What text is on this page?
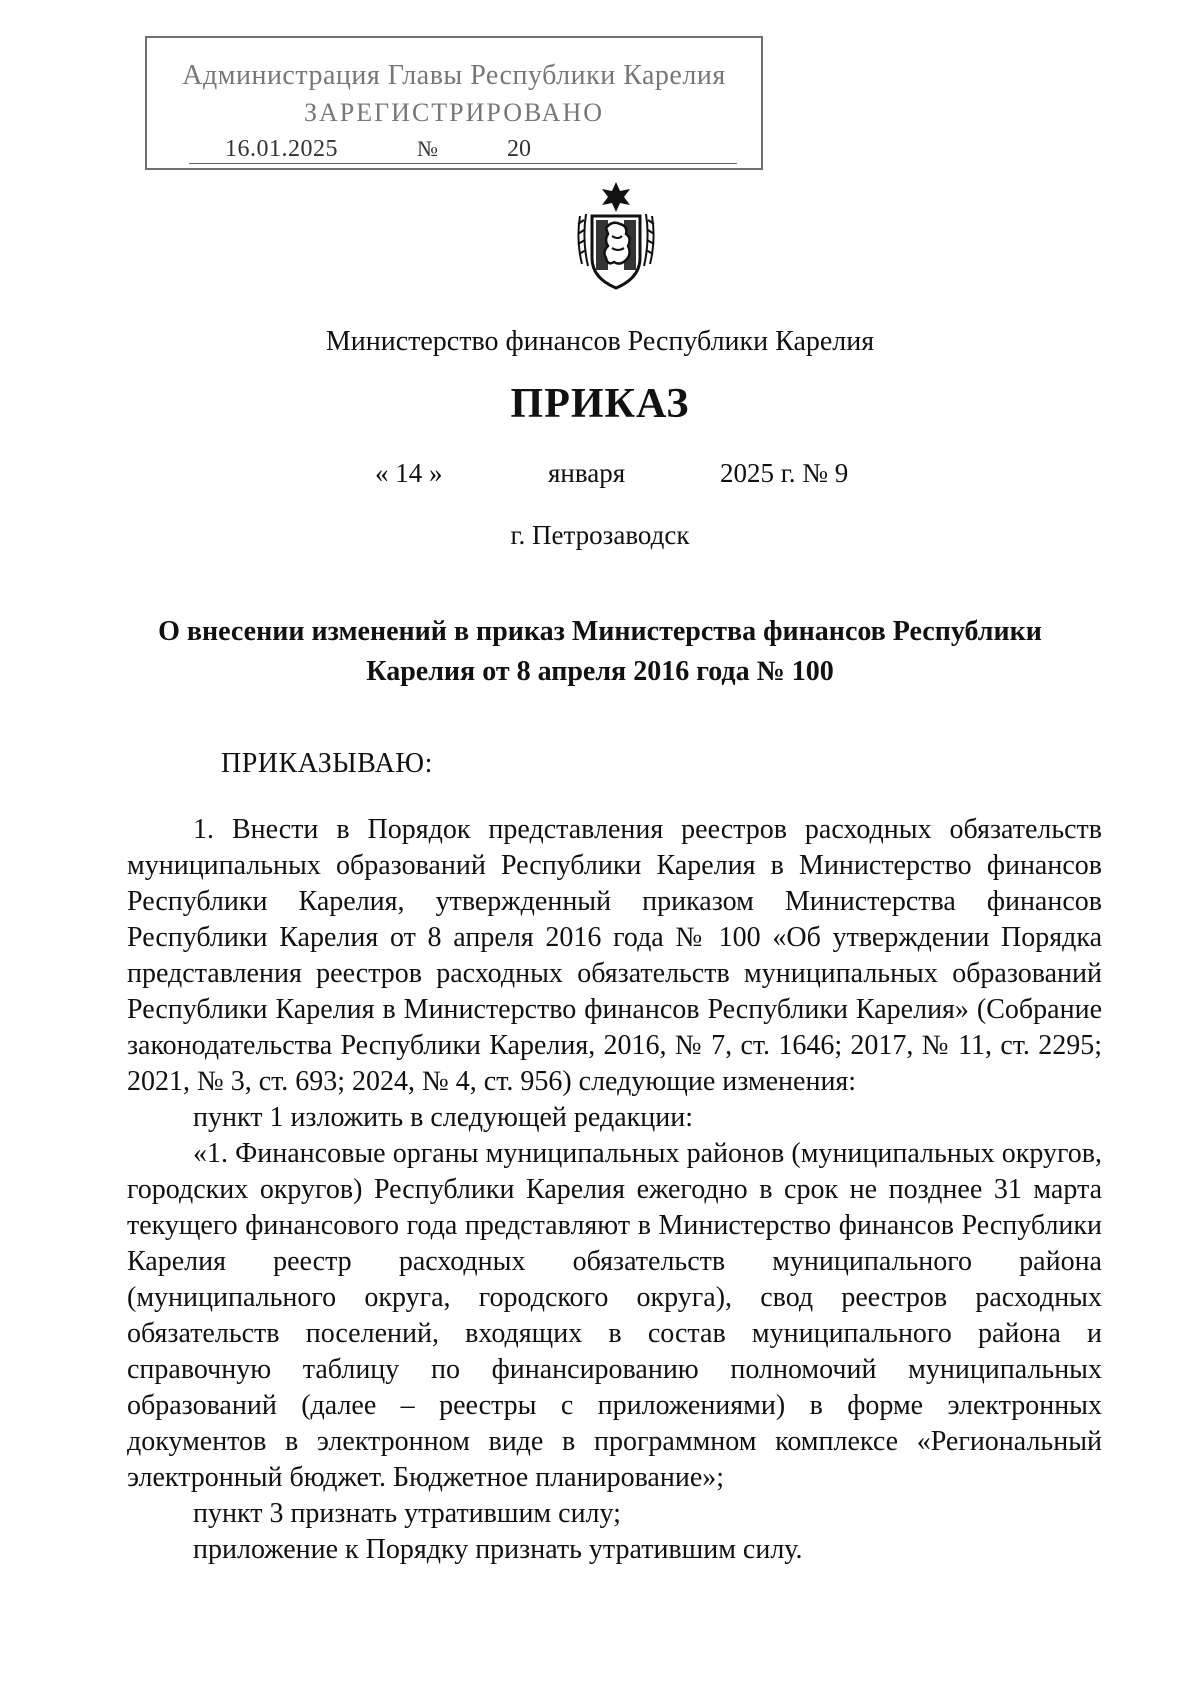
Администрация Главы Республики Карелия
ЗАРЕГИСТРИРОВАНО
16.01.2025	№	20
Министерство финансов Республики Карелия
ПРИКАЗ
« 14 »	января	2025 г. № 9
г. Петрозаводск
О внесении изменений в приказ Министерства финансов Республики
Карелия от 8 апреля 2016 года № 100

ПРИКАЗЫВАЮ:

1. Внести в Порядок представления реестров расходных обязательств муниципальных образований Республики Карелия в Министерство финансов Республики Карелия, утвержденный приказом Министерства финансов Республики Карелия от 8 апреля 2016 года № 100 «Об утверждении Порядка представления реестров расходных обязательств муниципальных образований Республики Карелия в Министерство финансов Республики Карелия» (Собрание законодательства Республики Карелия, 2016, № 7, ст. 1646; 2017, № 11, ст. 2295; 2021, № 3, ст. 693; 2024, № 4, ст. 956) следующие изменения:

пункт 1 изложить в следующей редакции:

«1. Финансовые органы муниципальных районов (муниципальных округов, городских округов) Республики Карелия ежегодно в срок не позднее 31 марта текущего финансового года представляют в Министерство финансов Республики Карелия реестр расходных обязательств муниципального района (муниципального округа, городского округа), свод реестров расходных обязательств поселений, входящих в состав муниципального района и справочную таблицу по финансированию полномочий муниципальных образований (далее – реестры с приложениями) в форме электронных документов в электронном виде в программном комплексе «Региональный электронный бюджет. Бюджетное планирование»;

пункт 3 признать утратившим силу;

приложение к Порядку признать утратившим силу.
